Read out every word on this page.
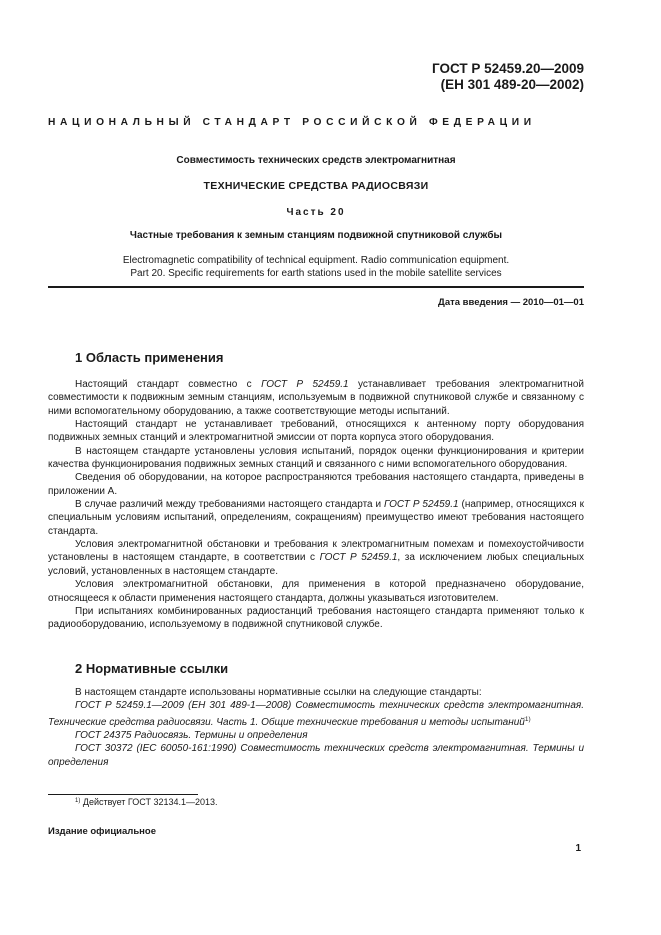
ГОСТ Р 52459.20—2009
(ЕН 301 489-20—2002)
НАЦИОНАЛЬНЫЙ СТАНДАРТ РОССИЙСКОЙ ФЕДЕРАЦИИ
Совместимость технических средств электромагнитная
ТЕХНИЧЕСКИЕ СРЕДСТВА РАДИОСВЯЗИ
Часть 20
Частные требования к земным станциям подвижной спутниковой службы
Electromagnetic compatibility of technical equipment. Radio communication equipment.
Part 20. Specific requirements for earth stations used in the mobile satellite services
Дата введения — 2010—01—01
1 Область применения

Настоящий стандарт совместно с ГОСТ Р 52459.1 устанавливает требования электромагнитной совместимости к подвижным земным станциям, используемым в подвижной спутниковой службе и связанному с ними вспомогательному оборудованию, а также соответствующие методы испытаний.

Настоящий стандарт не устанавливает требований, относящихся к антенному порту оборудования подвижных земных станций и электромагнитной эмиссии от порта корпуса этого оборудования.

В настоящем стандарте установлены условия испытаний, порядок оценки функционирования и критерии качества функционирования подвижных земных станций и связанного с ними вспомогательного оборудования.

Сведения об оборудовании, на которое распространяются требования настоящего стандарта, приведены в приложении А.

В случае различий между требованиями настоящего стандарта и ГОСТ Р 52459.1 (например, относящихся к специальным условиям испытаний, определениям, сокращениям) преимущество имеют требования настоящего стандарта.

Условия электромагнитной обстановки и требования к электромагнитным помехам и помехоустойчивости установлены в настоящем стандарте, в соответствии с ГОСТ Р 52459.1, за исключением любых специальных условий, установленных в настоящем стандарте.

Условия электромагнитной обстановки, для применения в которой предназначено оборудование, относящееся к области применения настоящего стандарта, должны указываться изготовителем.

При испытаниях комбинированных радиостанций требования настоящего стандарта применяют только к радиооборудованию, используемому в подвижной спутниковой службе.

2 Нормативные ссылки

В настоящем стандарте использованы нормативные ссылки на следующие стандарты:

ГОСТ Р 52459.1—2009 (ЕН 301 489-1—2008) Совместимость технических средств электромагнитная. Технические средства радиосвязи. Часть 1. Общие технические требования и методы испытаний$^{1)}$

ГОСТ 24375 Радиосвязь. Термины и определения

ГОСТ 30372 (IEC 60050-161:1990) Совместимость технических средств электромагнитная. Термины и определения

$^{1)}$ Действует ГОСТ 32134.1—2013.
Издание официальное
1
